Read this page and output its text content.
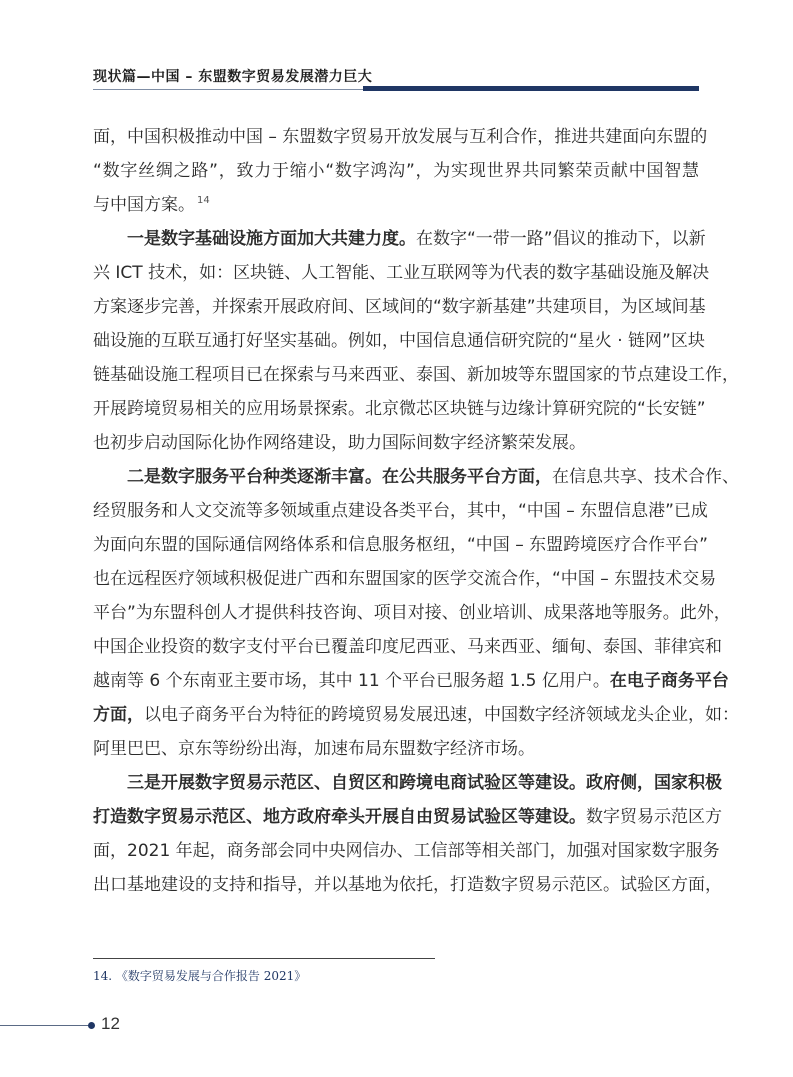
现状篇—中国 – 东盟数字贸易发展潜力巨大
面，中国积极推动中国 – 东盟数字贸易开放发展与互利合作，推进共建面向东盟的
“数字丝绸之路”，致力于缩小“数字鸿沟”，为实现世界共同繁荣贡献中国智慧
与中国方案。 $^{14}$
一是数字基础设施方面加大共建力度。在数字“一带一路”倡议的推动下，以新
兴 ICT 技术，如：区块链、人工智能、工业互联网等为代表的数字基础设施及解决
方案逐步完善，并探索开展政府间、区域间的“数字新基建”共建项目，为区域间基
础设施的互联互通打好坚实基础。例如，中国信息通信研究院的“星火 · 链网”区块
链基础设施工程项目已在探索与马来西亚、泰国、新加坡等东盟国家的节点建设工作，
开展跨境贸易相关的应用场景探索。北京微芯区块链与边缘计算研究院的“长安链”
也初步启动国际化协作网络建设，助力国际间数字经济繁荣发展。
二是数字服务平台种类逐渐丰富。在公共服务平台方面，在信息共享、技术合作、
经贸服务和人文交流等多领域重点建设各类平台，其中，“中国 – 东盟信息港”已成
为面向东盟的国际通信网络体系和信息服务枢纽，“中国 – 东盟跨境医疗合作平台”
也在远程医疗领域积极促进广西和东盟国家的医学交流合作，“中国 – 东盟技术交易
平台”为东盟科创人才提供科技咨询、项目对接、创业培训、成果落地等服务。此外，
中国企业投资的数字支付平台已覆盖印度尼西亚、马来西亚、缅甸、泰国、菲律宾和
越南等 6 个东南亚主要市场，其中 11 个平台已服务超 1.5 亿用户。在电子商务平台
方面，以电子商务平台为特征的跨境贸易发展迅速，中国数字经济领域龙头企业，如：
阿里巴巴、京东等纷纷出海，加速布局东盟数字经济市场。
三是开展数字贸易示范区、自贸区和跨境电商试验区等建设。政府侧，国家积极
打造数字贸易示范区、地方政府牵头开展自由贸易试验区等建设。数字贸易示范区方
面，2021 年起，商务部会同中央网信办、工信部等相关部门，加强对国家数字服务
出口基地建设的支持和指导，并以基地为依托，打造数字贸易示范区。试验区方面，
14. 《数字贸易发展与合作报告 2021》
12
